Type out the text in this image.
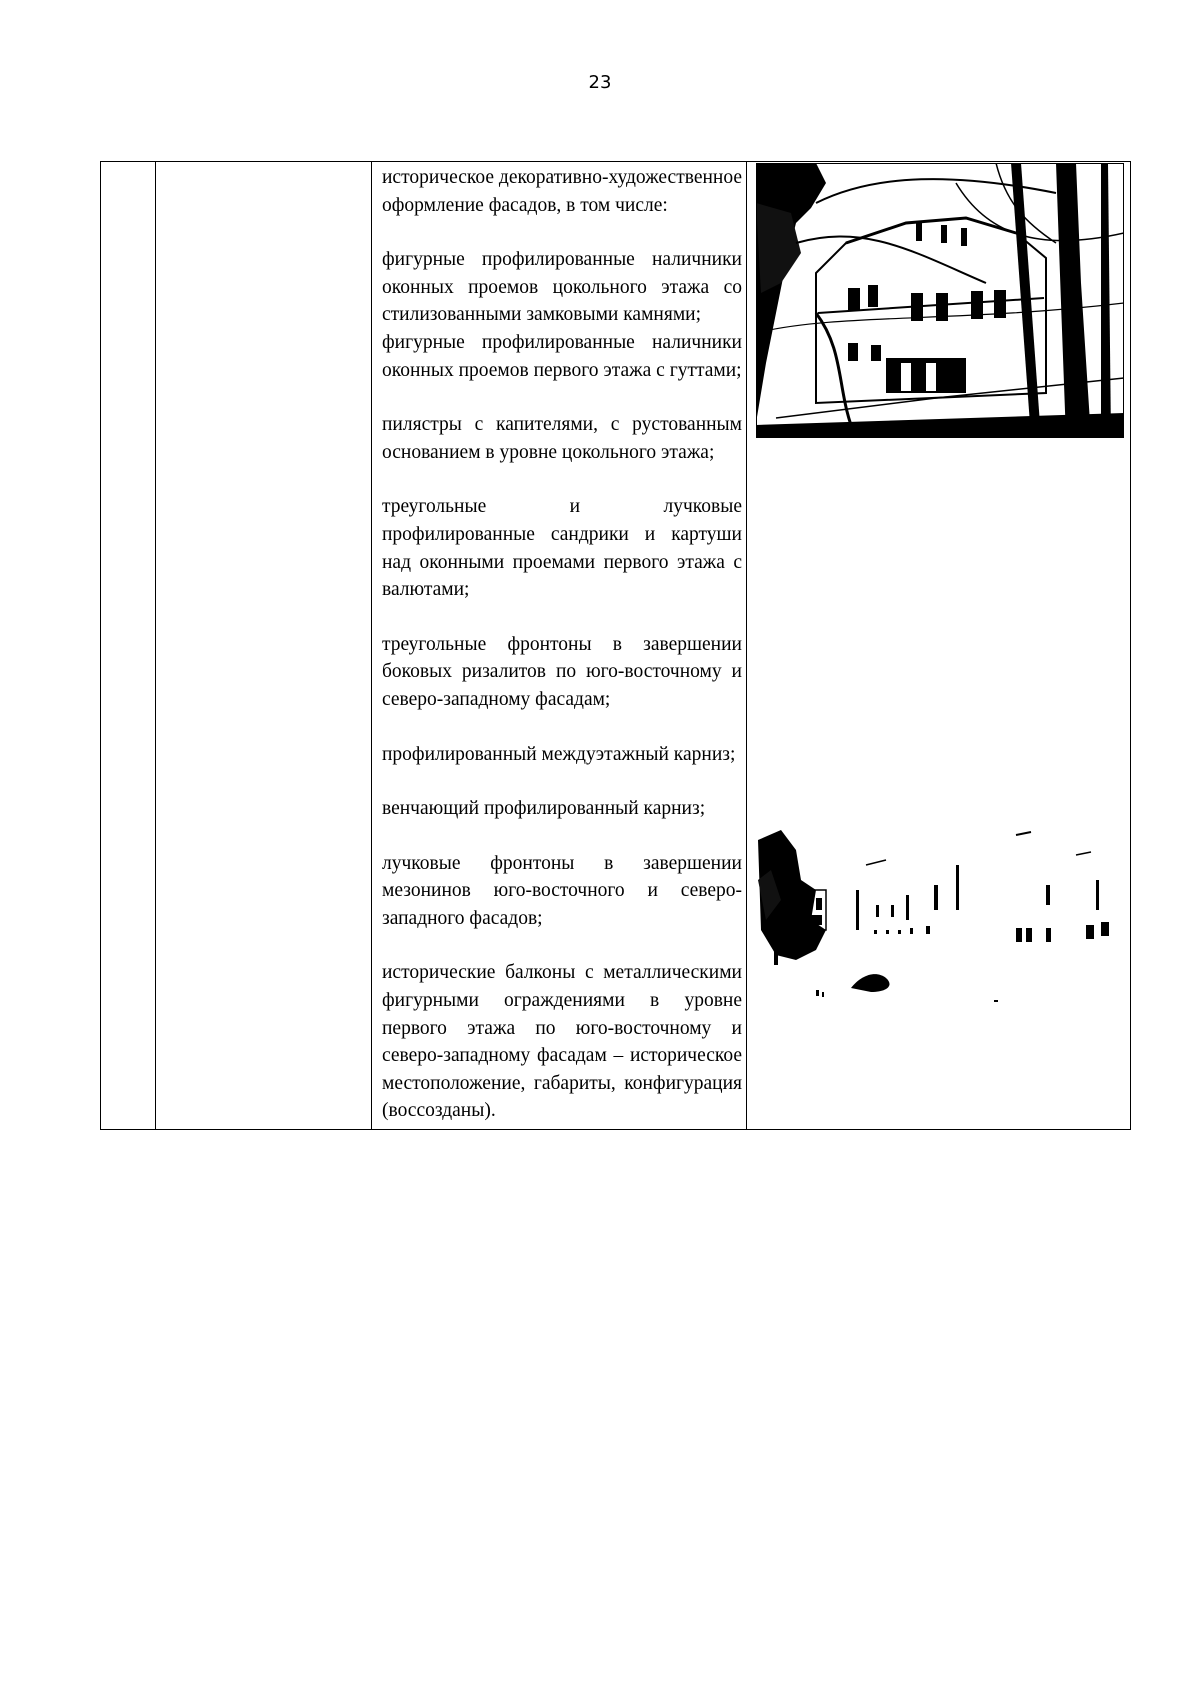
23

историческое декоративно-художественное оформление фасадов, в том числе:

фигурные профилированные наличники оконных проемов цокольного этажа со стилизованными замковыми камнями;

фигурные профилированные наличники оконных проемов первого этажа с гуттами;

пилястры с капителями, с рустованным основанием в уровне цокольного этажа;

треугольные и лучковые профилированные сандрики и картуши над оконными проемами первого этажа с валютами;

треугольные фронтоны в завершении боковых ризалитов по юго-восточному и северо-западному фасадам;

профилированный междуэтажный карниз;

венчающий профилированный карниз;

лучковые фронтоны в завершении мезонинов юго-восточного и северо-западного фасадов;

исторические балконы с металлическими фигурными ограждениями в уровне первого этажа по юго-восточному и северо-западному фасадам – историческое местоположение, габариты, конфигурация (воссозданы).
